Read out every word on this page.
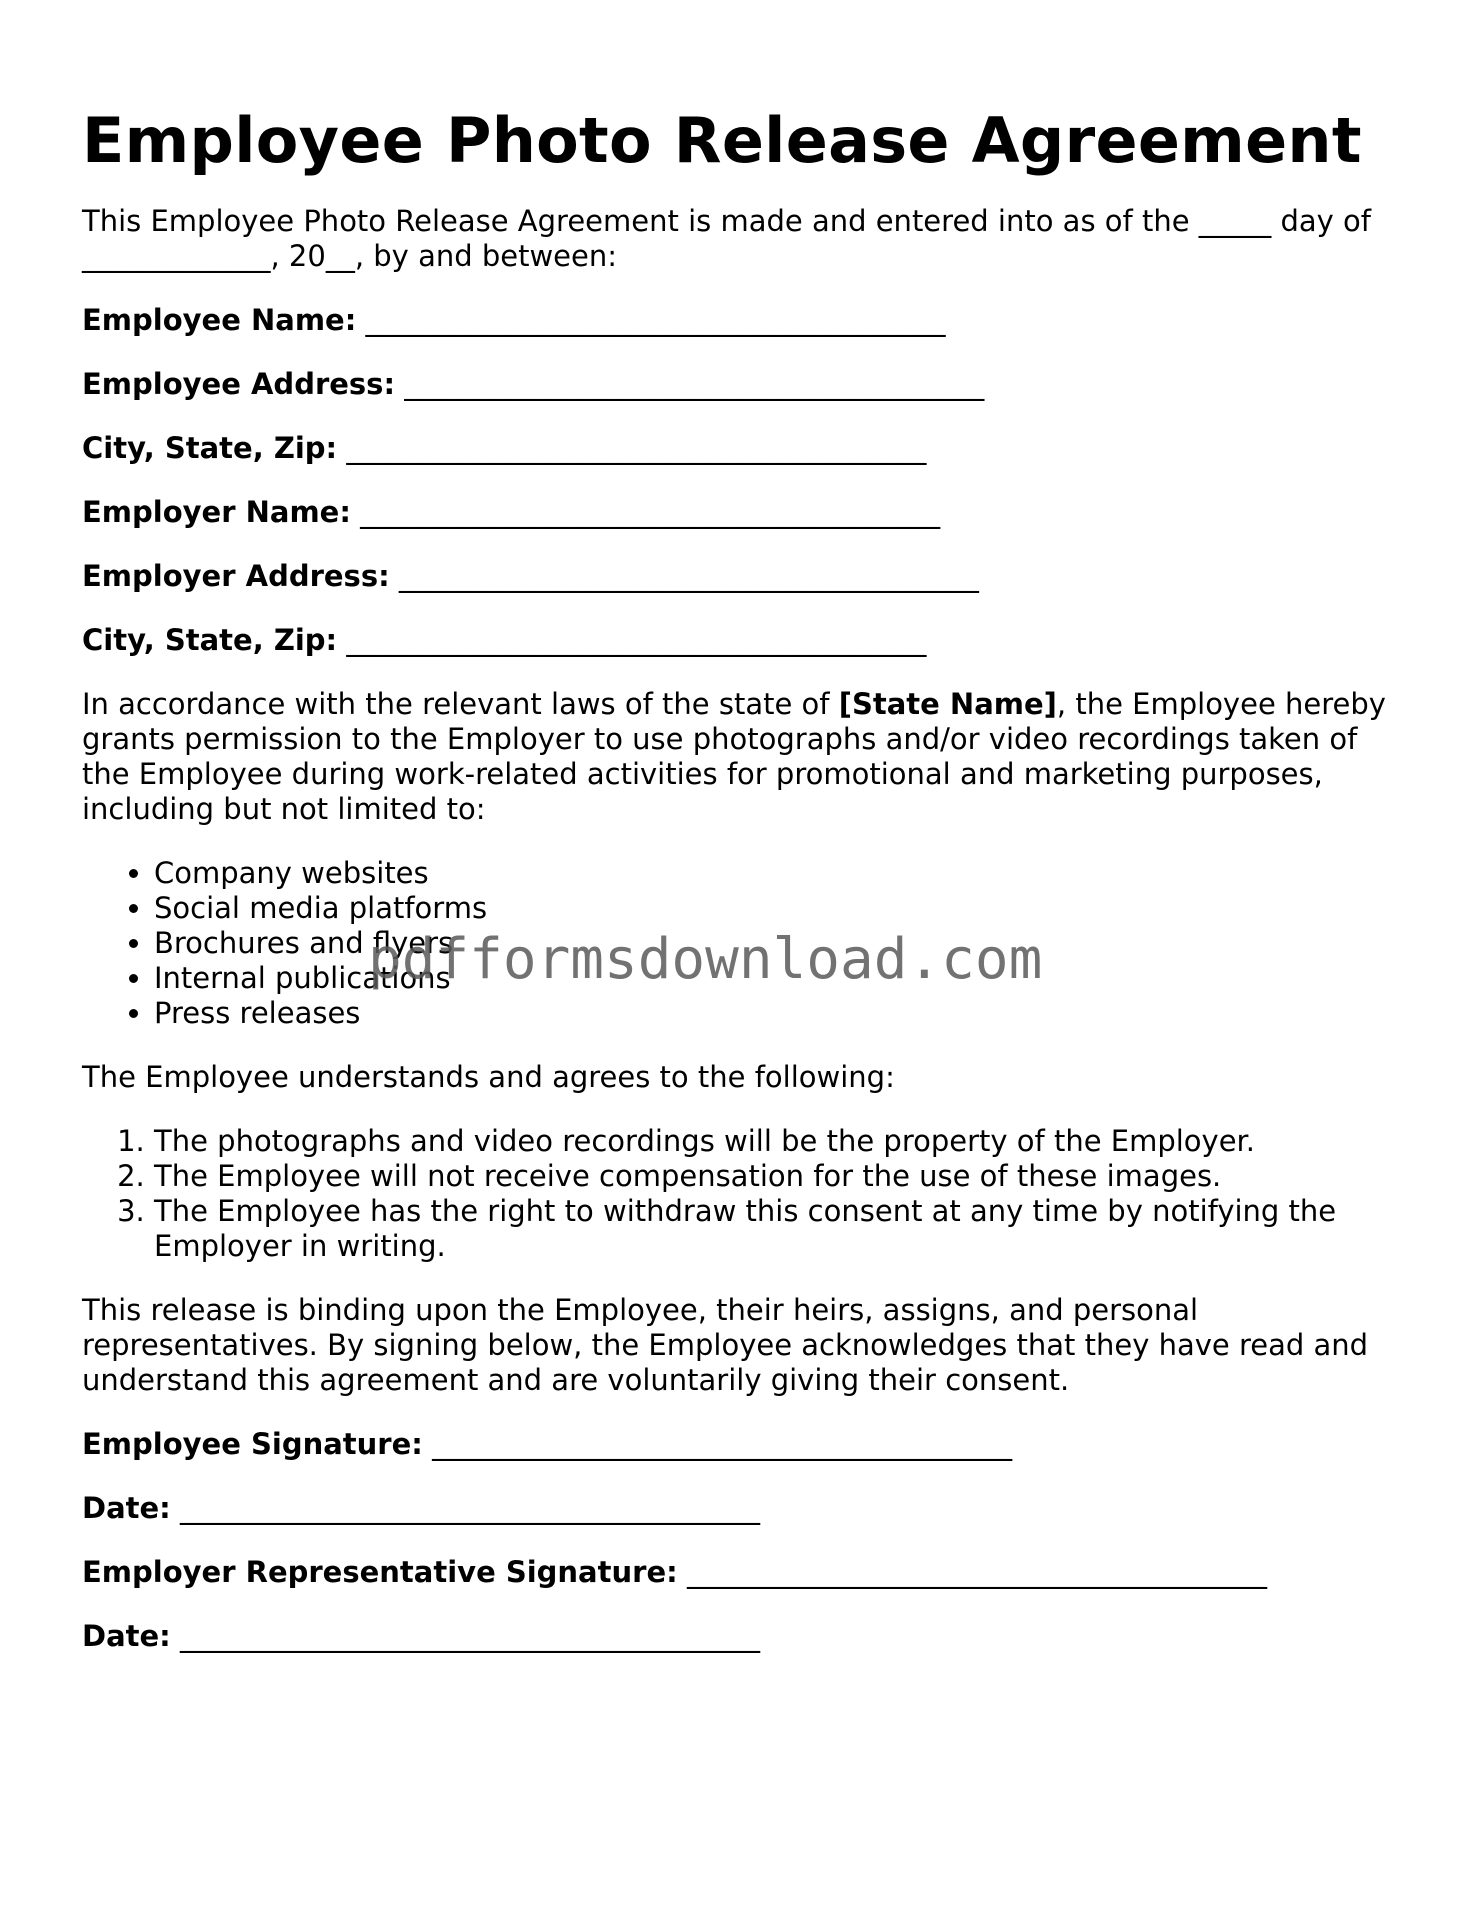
Employee Photo Release Agreement

This Employee Photo Release Agreement is made and entered into as of the _____ day of _____________, 20__, by and between:

Employee Name: ________________________________________
Employee Address: ________________________________________
City, State, Zip: ________________________________________
Employer Name: ________________________________________
Employer Address: ________________________________________
City, State, Zip: ________________________________________

In accordance with the relevant laws of the state of [State Name], the Employee hereby grants permission to the Employer to use photographs and/or video recordings taken of the Employee during work-related activities for promotional and marketing purposes, including but not limited to:

• Company websites
• Social media platforms
• Brochures and flyers
• Internal publications
• Press releases

The Employee understands and agrees to the following:

1. The photographs and video recordings will be the property of the Employer.
2. The Employee will not receive compensation for the use of these images.
3. The Employee has the right to withdraw this consent at any time by notifying the Employer in writing.

This release is binding upon the Employee, their heirs, assigns, and personal representatives. By signing below, the Employee acknowledges that they have read and understand this agreement and are voluntarily giving their consent.

Employee Signature: ________________________________________
Date: ________________________________________
Employer Representative Signature: ________________________________________
Date: ________________________________________
pdfformsdownload.com
